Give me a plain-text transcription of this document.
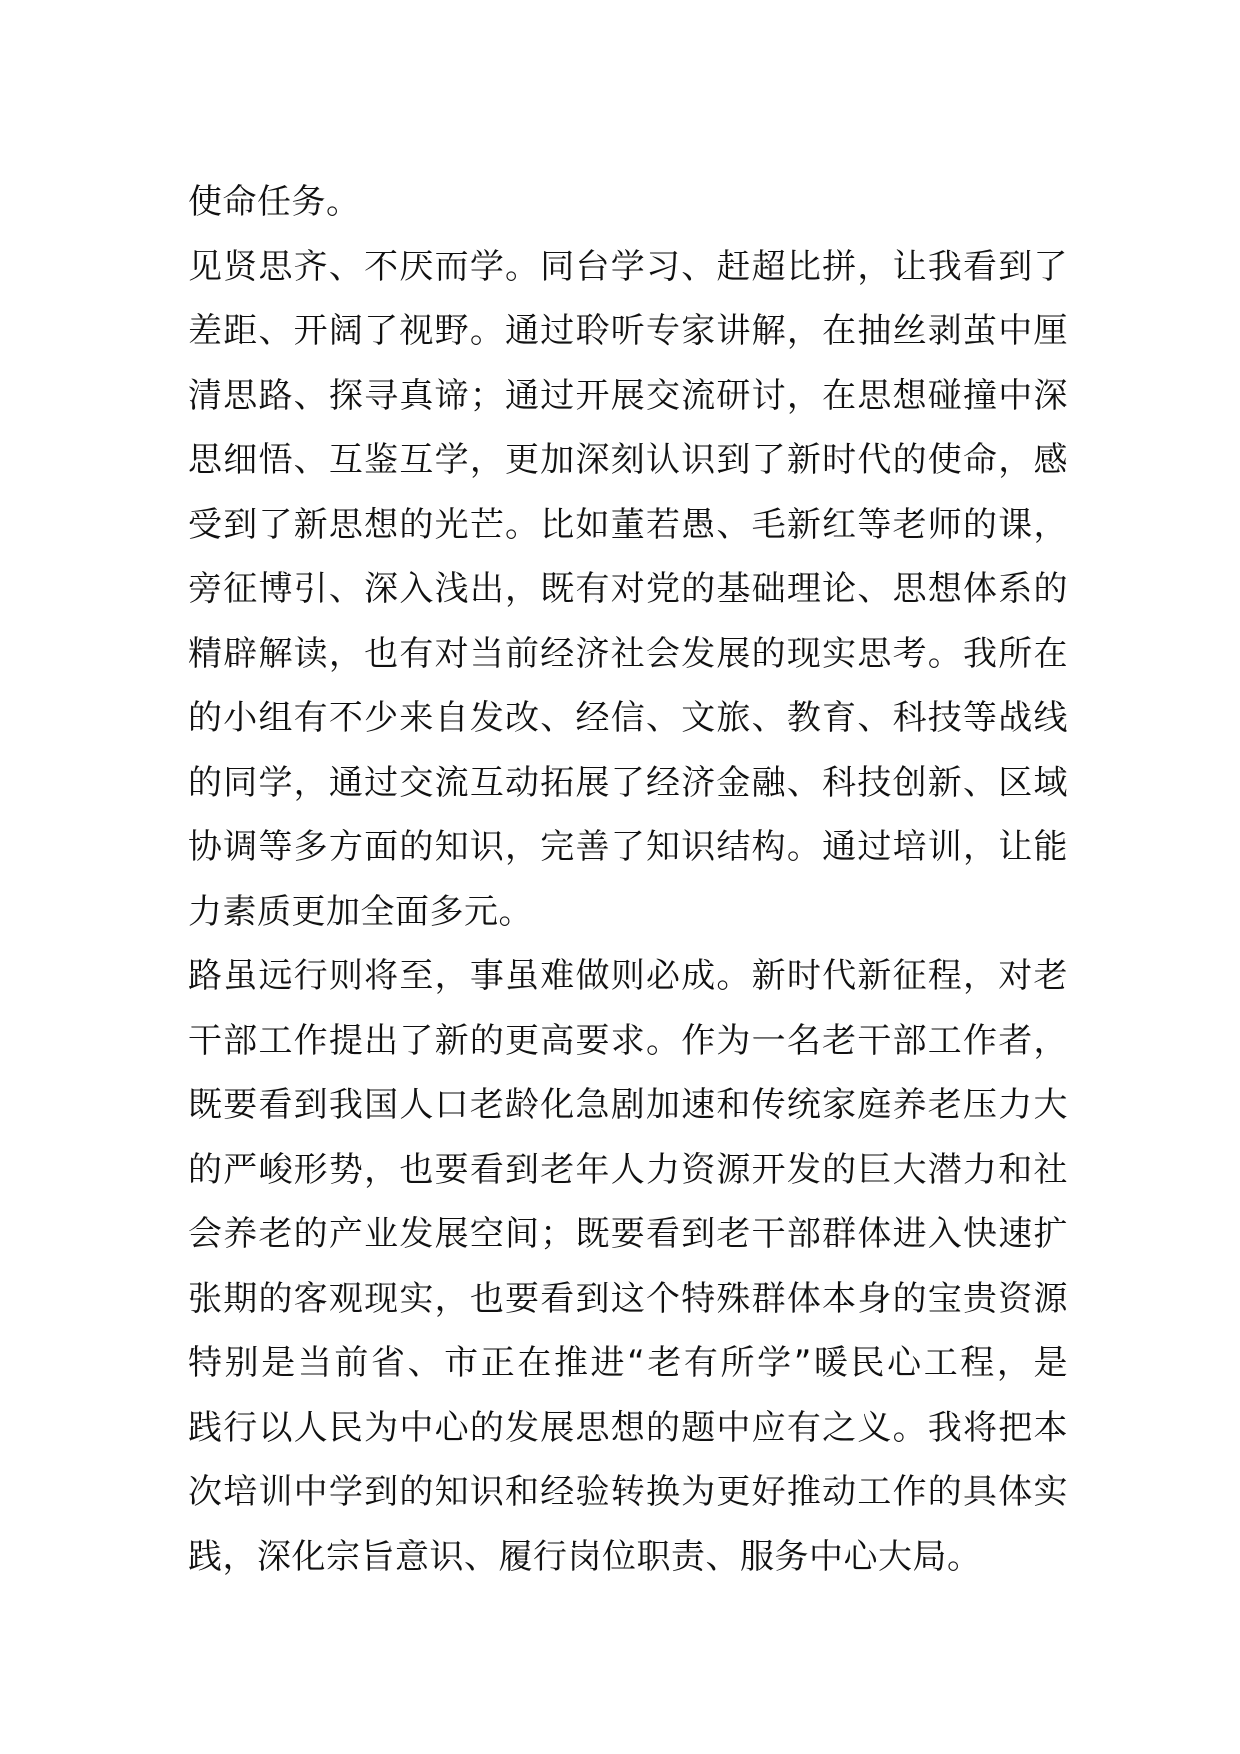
使命任务。
见贤思齐、不厌而学。同台学习、赶超比拼，让我看到了
差距、开阔了视野。通过聆听专家讲解，在抽丝剥茧中厘
清思路、探寻真谛；通过开展交流研讨，在思想碰撞中深
思细悟、互鉴互学，更加深刻认识到了新时代的使命，感
受到了新思想的光芒。比如董若愚、毛新红等老师的课，
旁征博引、深入浅出，既有对党的基础理论、思想体系的
精辟解读，也有对当前经济社会发展的现实思考。我所在
的小组有不少来自发改、经信、文旅、教育、科技等战线
的同学，通过交流互动拓展了经济金融、科技创新、区域
协调等多方面的知识，完善了知识结构。通过培训，让能
力素质更加全面多元。
路虽远行则将至，事虽难做则必成。新时代新征程，对老
干部工作提出了新的更高要求。作为一名老干部工作者，
既要看到我国人口老龄化急剧加速和传统家庭养老压力大
的严峻形势，也要看到老年人力资源开发的巨大潜力和社
会养老的产业发展空间；既要看到老干部群体进入快速扩
张期的客观现实，也要看到这个特殊群体本身的宝贵资源
特别是当前省、市正在推进“老有所学”暖民心工程，是
践行以人民为中心的发展思想的题中应有之义。我将把本
次培训中学到的知识和经验转换为更好推动工作的具体实
践，深化宗旨意识、履行岗位职责、服务中心大局。
